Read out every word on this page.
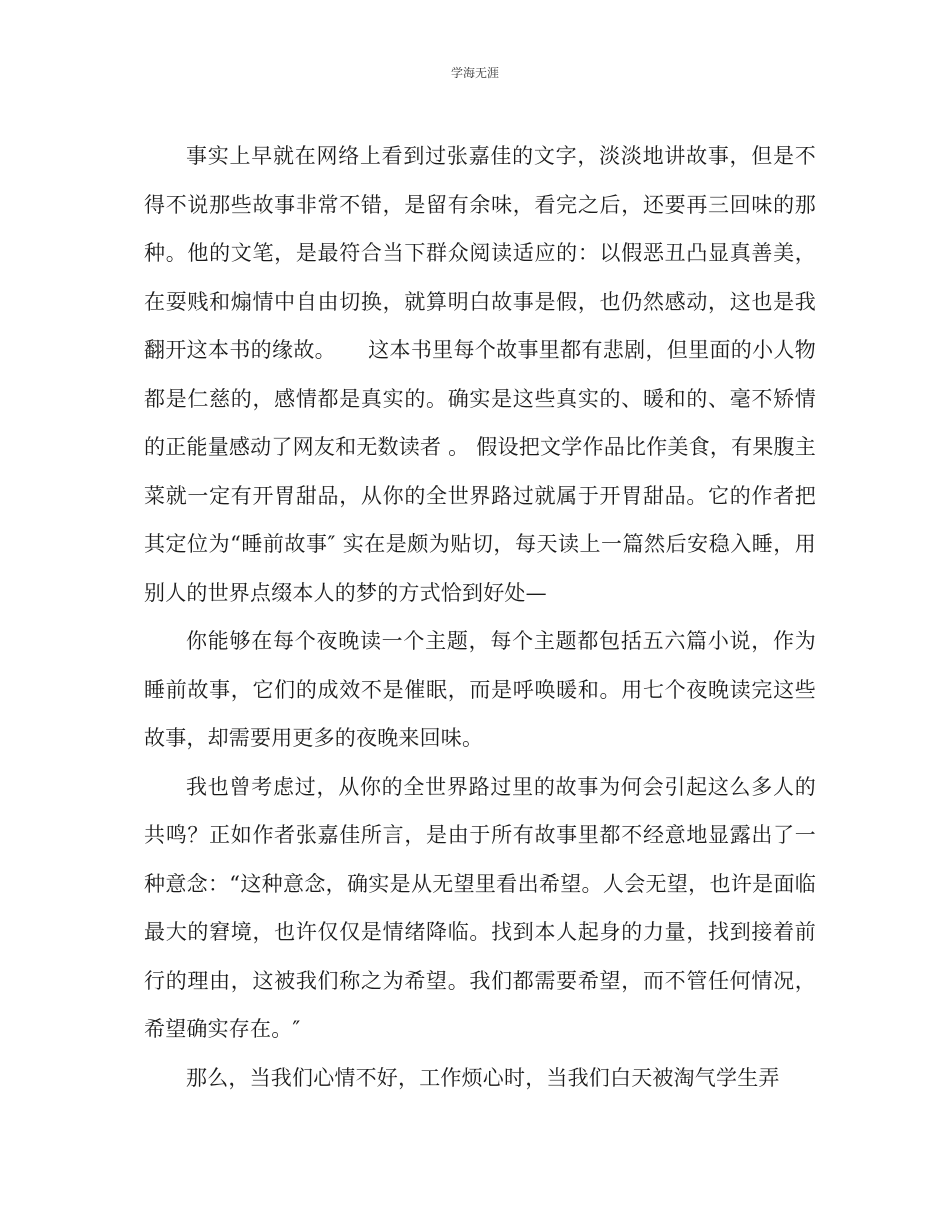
学海无涯

事实上早就在网络上看到过张嘉佳的文字，淡淡地讲故事，但是不得不说那些故事非常不错，是留有余味，看完之后，还要再三回味的那种。他的文笔，是最符合当下群众阅读适应的：以假恶丑凸显真善美，在耍贱和煽情中自由切换，就算明白故事是假，也仍然感动，这也是我翻开这本书的缘故。　　这本书里每个故事里都有悲剧，但里面的小人物都是仁慈的，感情都是真实的。确实是这些真实的、暖和的、毫不矫情的正能量感动了网友和无数读者 。 假设把文学作品比作美食，有果腹主菜就一定有开胃甜品，从你的全世界路过就属于开胃甜品。它的作者把其定位为“睡前故事″ 实在是颇为贴切，每天读上一篇然后安稳入睡，用别人的世界点缀本人的梦的方式恰到好处—

你能够在每个夜晚读一个主题，每个主题都包括五六篇小说，作为睡前故事，它们的成效不是催眠，而是呼唤暖和。用七个夜晚读完这些故事，却需要用更多的夜晚来回味。

我也曾考虑过，从你的全世界路过里的故事为何会引起这么多人的共鸣？正如作者张嘉佳所言，是由于所有故事里都不经意地显露出了一种意念：“这种意念，确实是从无望里看出希望。人会无望，也许是面临最大的窘境，也许仅仅是情绪降临。找到本人起身的力量，找到接着前行的理由，这被我们称之为希望。我们都需要希望，而不管任何情况，希望确实存在。″

那么，当我们心情不好，工作烦心时，当我们白天被淘气学生弄
